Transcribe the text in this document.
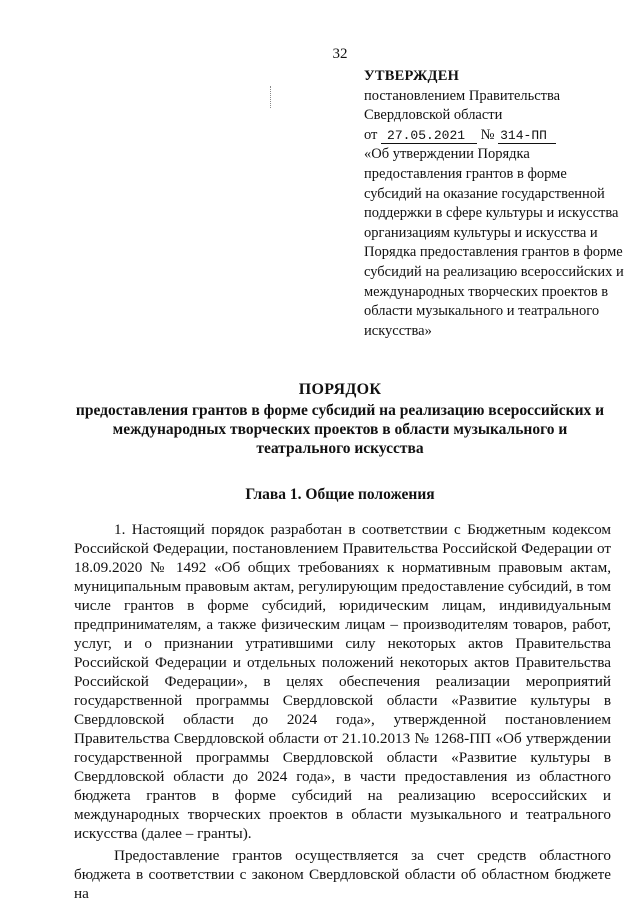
32
УТВЕРЖДЕН
постановлением Правительства
Свердловской области
от 27.05.2021 № 314-ПП
«Об утверждении Порядка предоставления грантов в форме субсидий на оказание государственной поддержки в сфере культуры и искусства организациям культуры и искусства и Порядка предоставления грантов в форме субсидий на реализацию всероссийских и международных творческих проектов в области музыкального и театрального искусства»
ПОРЯДОК
предоставления грантов в форме субсидий на реализацию всероссийских и международных творческих проектов в области музыкального и театрального искусства
Глава 1. Общие положения

1. Настоящий порядок разработан в соответствии с Бюджетным кодексом Российской Федерации, постановлением Правительства Российской Федерации от 18.09.2020 № 1492 «Об общих требованиях к нормативным правовым актам, муниципальным правовым актам, регулирующим предоставление субсидий, в том числе грантов в форме субсидий, юридическим лицам, индивидуальным предпринимателям, а также физическим лицам – производителям товаров, работ, услуг, и о признании утратившими силу некоторых актов Правительства Российской Федерации и отдельных положений некоторых актов Правительства Российской Федерации», в целях обеспечения реализации мероприятий государственной программы Свердловской области «Развитие культуры в Свердловской области до 2024 года», утвержденной постановлением Правительства Свердловской области от 21.10.2013 № 1268-ПП «Об утверждении государственной программы Свердловской области «Развитие культуры в Свердловской области до 2024 года», в части предоставления из областного бюджета грантов в форме субсидий на реализацию всероссийских и международных творческих проектов в области музыкального и театрального искусства (далее – гранты).

Предоставление грантов осуществляется за счет средств областного бюджета в соответствии с законом Свердловской области об областном бюджете на
